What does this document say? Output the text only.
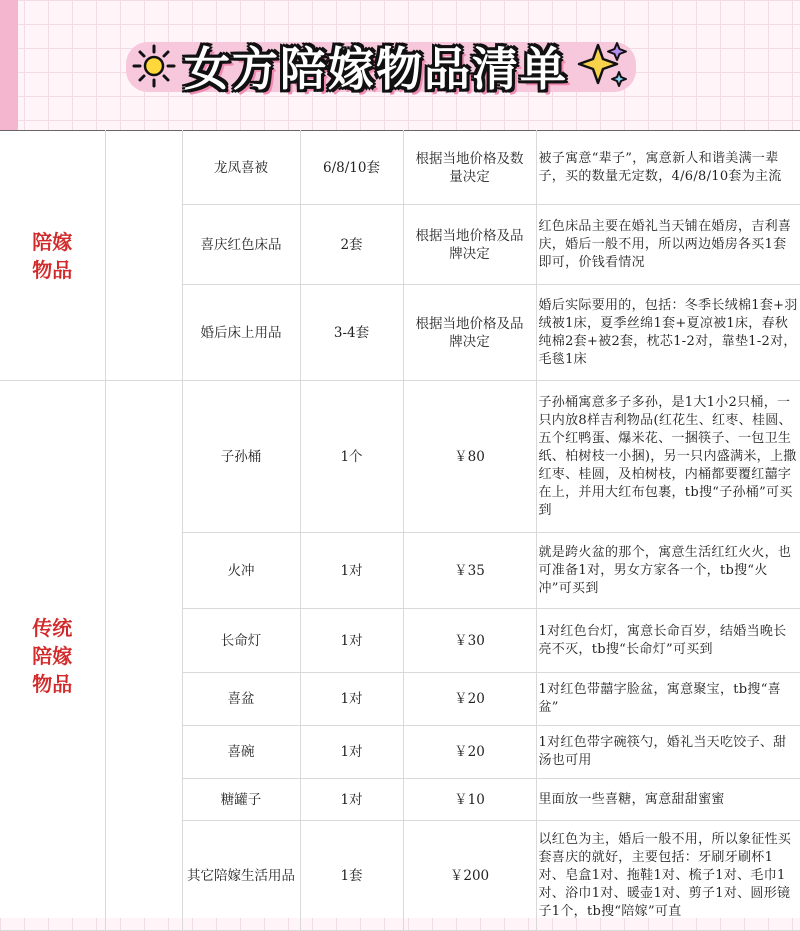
女方陪嫁物品清单
陪嫁物品		龙凤喜被	6/8/10套	根据当地价格及数量决定	被子寓意“辈子”，寓意新人和谐美满一辈子，买的数量无定数，4/6/8/10套为主流
		喜庆红色床品	2套	根据当地价格及品牌决定	红色床品主要在婚礼当天铺在婚房，吉利喜庆，婚后一般不用，所以两边婚房各买1套即可，价钱看情况
		婚后床上用品	3-4套	根据当地价格及品牌决定	婚后实际要用的，包括：冬季长绒棉1套+羽绒被1床，夏季丝绵1套+夏凉被1床，春秋纯棉2套+被2套，枕芯1-2对，靠垫1-2对，毛毯1床
传统陪嫁物品		子孙桶	1个	￥80	子孙桶寓意多子多孙，是1大1小2只桶，一只内放8样吉利物品(红花生、红枣、桂圆、五个红鸭蛋、爆米花、一捆筷子、一包卫生纸、柏树枝一小捆)，另一只内盛满米，上撒红枣、桂圆，及柏树枝，内桶都要覆红囍字在上，并用大红布包裹，tb搜“子孙桶”可买到
		火冲	1对	￥35	就是跨火盆的那个，寓意生活红红火火，也可准备1对，男女方家各一个，tb搜“火冲”可买到
		长命灯	1对	￥30	1对红色台灯，寓意长命百岁，结婚当晚长亮不灭，tb搜“长命灯”可买到
		喜盆	1对	￥20	1对红色带囍字脸盆，寓意聚宝，tb搜“喜盆”
		喜碗	1对	￥20	1对红色带字碗筷勺，婚礼当天吃饺子、甜汤也可用
		糖罐子	1对	￥10	里面放一些喜糖，寓意甜甜蜜蜜
		其它陪嫁生活用品	1套	￥200	以红色为主，婚后一般不用，所以象征性买套喜庆的就好，主要包括：牙刷牙刷杯1对、皂盒1对、拖鞋1对、梳子1对、毛巾1对、浴巾1对、暖壶1对、剪子1对、圆形镜子1个，tb搜“陪嫁”可直
